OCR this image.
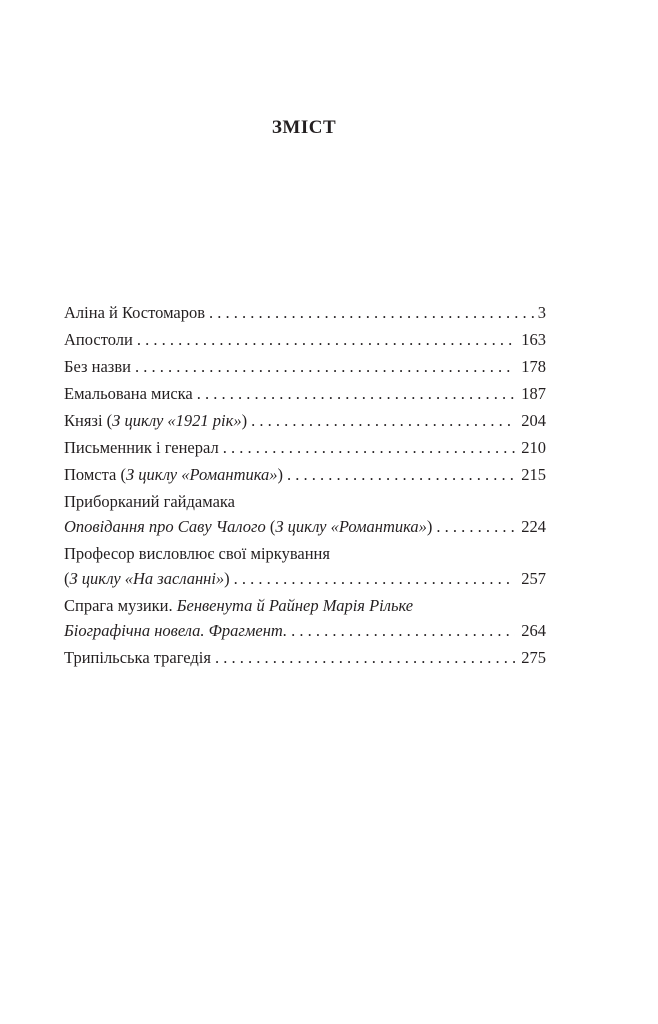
ЗМІСТ
Аліна й Костомаров . . .	3
Апостоли . . .	163
Без назви . . .	178
Емальована миска . . .	187
Князі (З циклу «1921 рік») . . .	204
Письменник і генерал . . .	210
Помста (З циклу «Романтика») . . .	215
Приборканий гайдамака
Оповідання про Саву Чалого (З циклу «Романтика») . . .	224
Професор висловлює свої міркування
(З циклу «На засланні») . . .	257
Спрага музики. Бенвенута й Райнер Марія Рільке
Біографічна новела. Фрагмент. . . .	264
Трипільська трагедія . . .	275
